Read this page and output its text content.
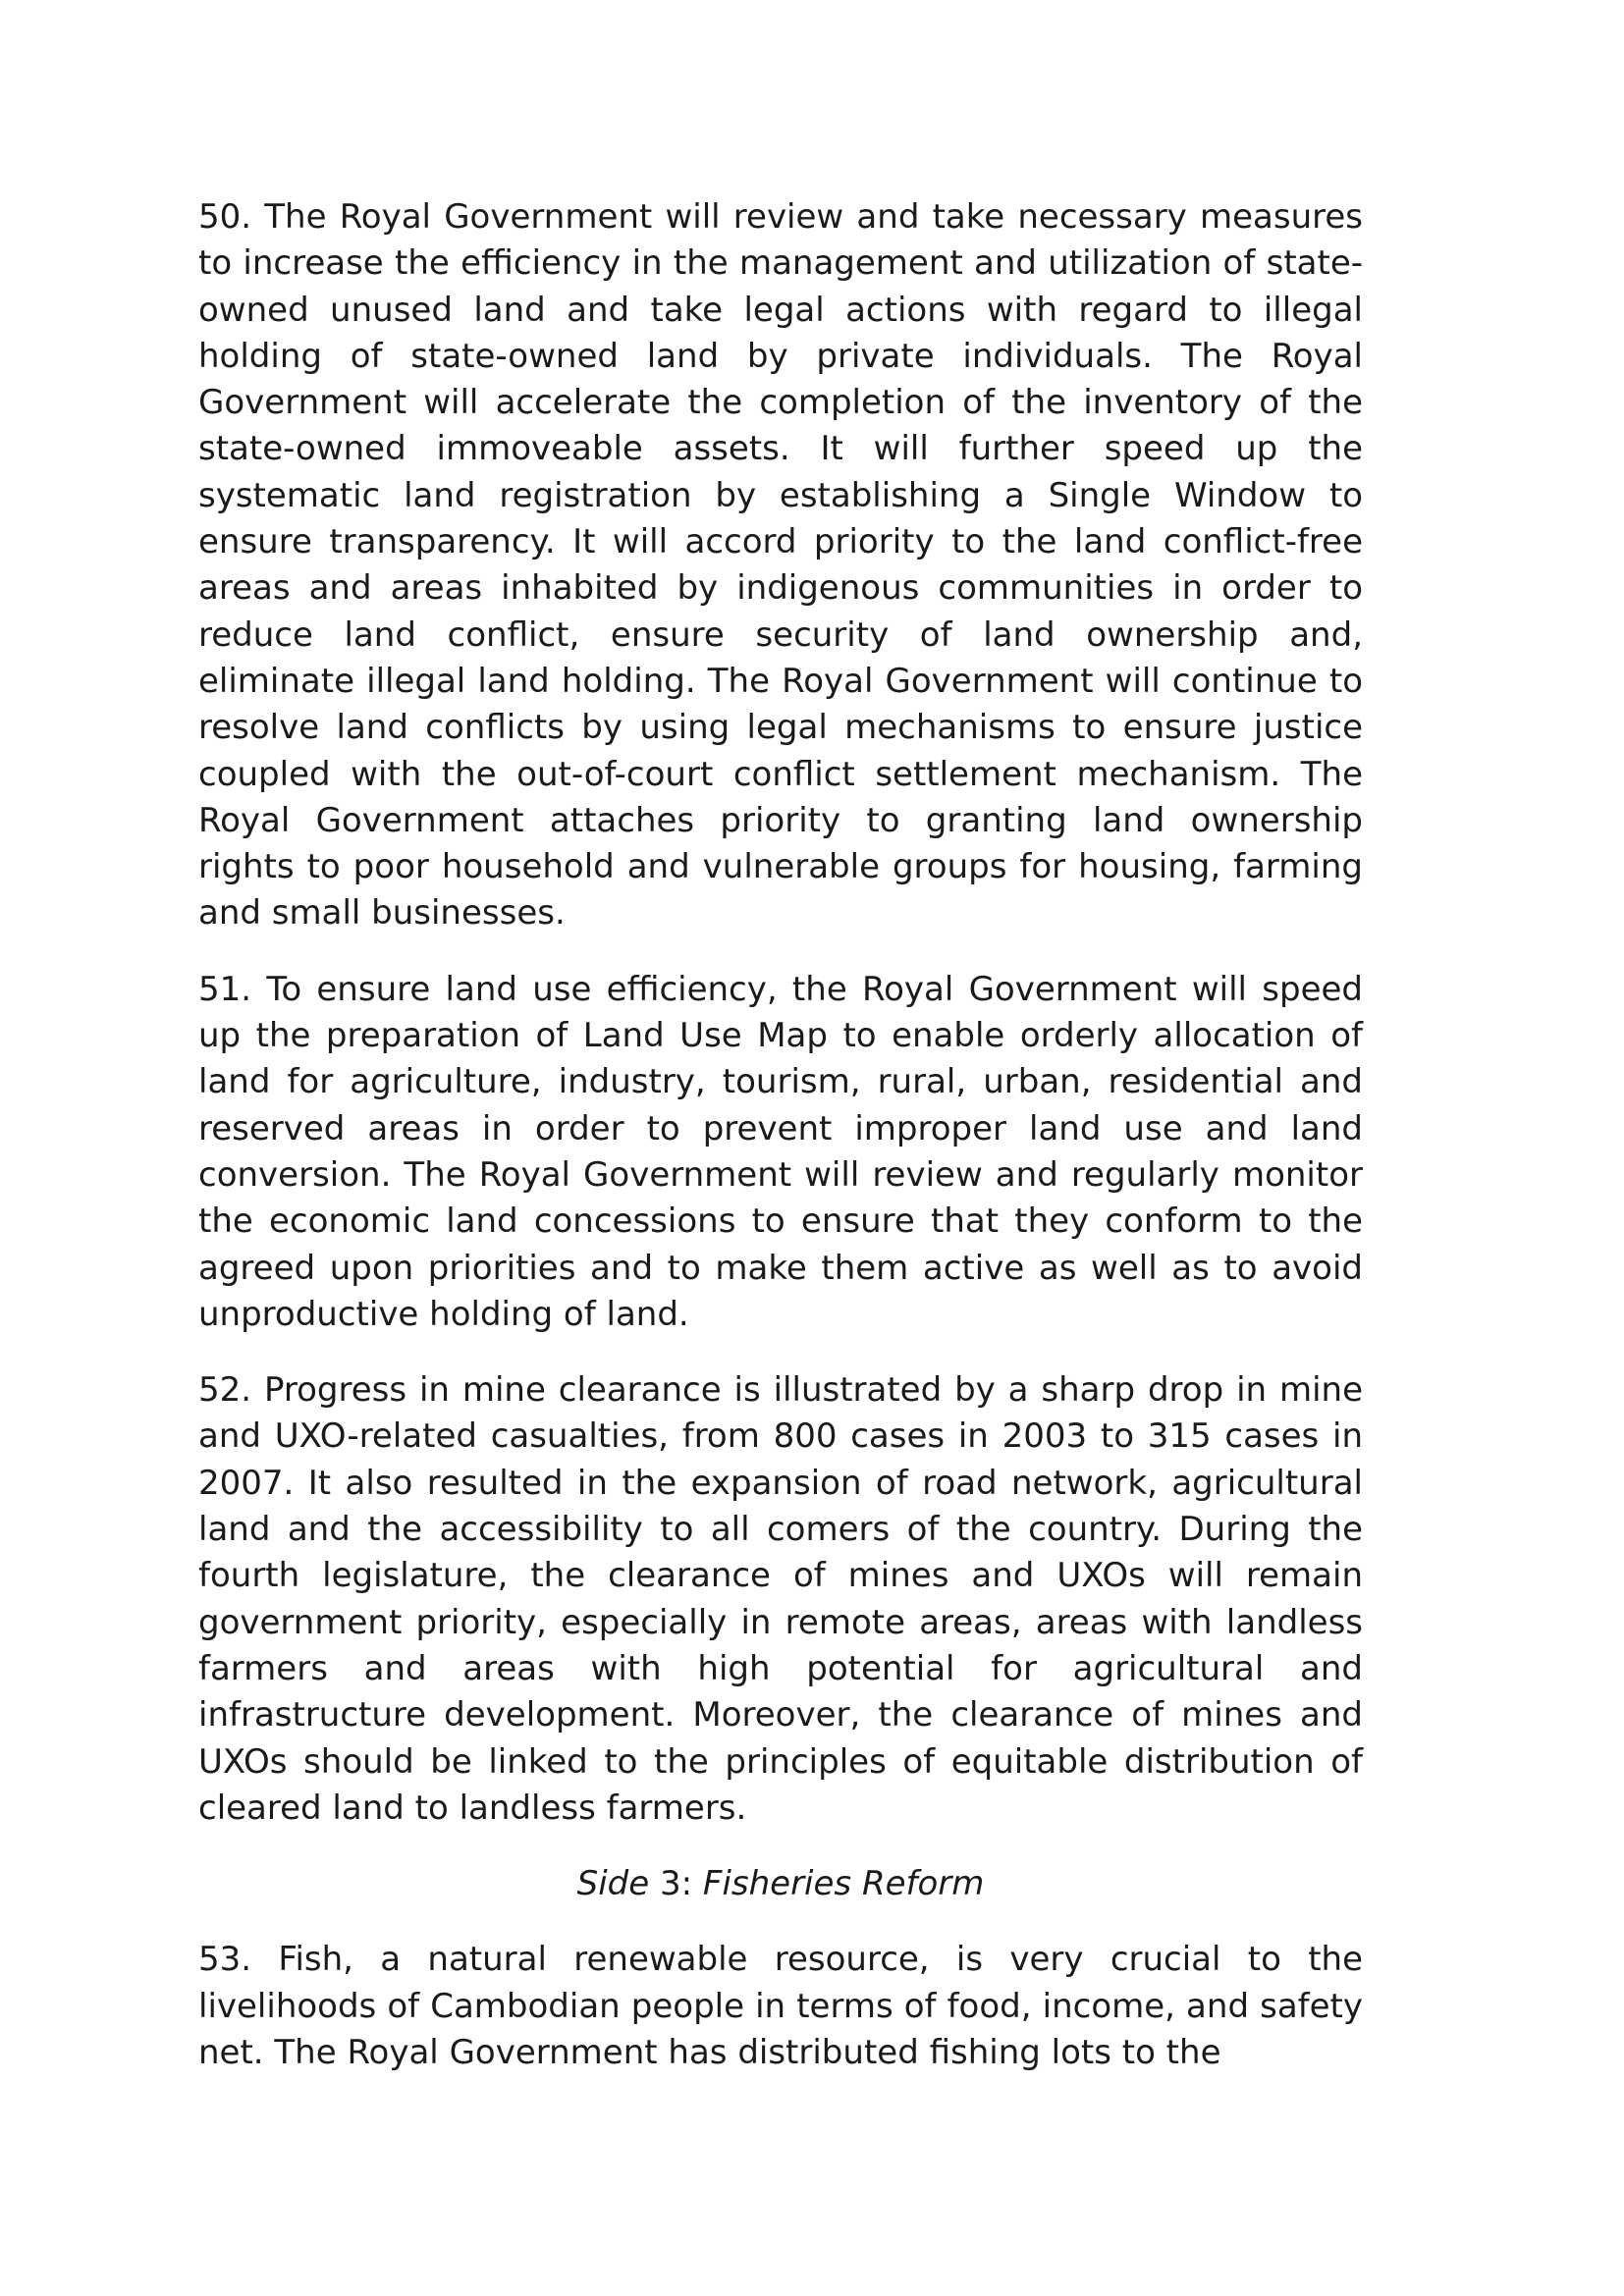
50. The Royal Government will review and take necessary measures to increase the efficiency in the management and utilization of state-owned unused land and take legal actions with regard to illegal holding of state-owned land by private individuals. The Royal Government will accelerate the completion of the inventory of the state-owned immoveable assets. It will further speed up the systematic land registration by establishing a Single Window to ensure transparency. It will accord priority to the land conflict-free areas and areas inhabited by indigenous communities in order to reduce land conflict, ensure security of land ownership and, eliminate illegal land holding. The Royal Government will continue to resolve land conflicts by using legal mechanisms to ensure justice coupled with the out-of-court conflict settlement mechanism. The Royal Government attaches priority to granting land ownership rights to poor household and vulnerable groups for housing, farming and small businesses.

51. To ensure land use efficiency, the Royal Government will speed up the preparation of Land Use Map to enable orderly allocation of land for agriculture, industry, tourism, rural, urban, residential and reserved areas in order to prevent improper land use and land conversion. The Royal Government will review and regularly monitor the economic land concessions to ensure that they conform to the agreed upon priorities and to make them active as well as to avoid unproductive holding of land.

52. Progress in mine clearance is illustrated by a sharp drop in mine and UXO-related casualties, from 800 cases in 2003 to 315 cases in 2007. It also resulted in the expansion of road network, agricultural land and the accessibility to all comers of the country. During the fourth legislature, the clearance of mines and UXOs will remain government priority, especially in remote areas, areas with landless farmers and areas with high potential for agricultural and infrastructure development. Moreover, the clearance of mines and UXOs should be linked to the principles of equitable distribution of cleared land to landless farmers.

Side 3: Fisheries Reform

53. Fish, a natural renewable resource, is very crucial to the livelihoods of Cambodian people in terms of food, income, and safety net. The Royal Government has distributed fishing lots to the
